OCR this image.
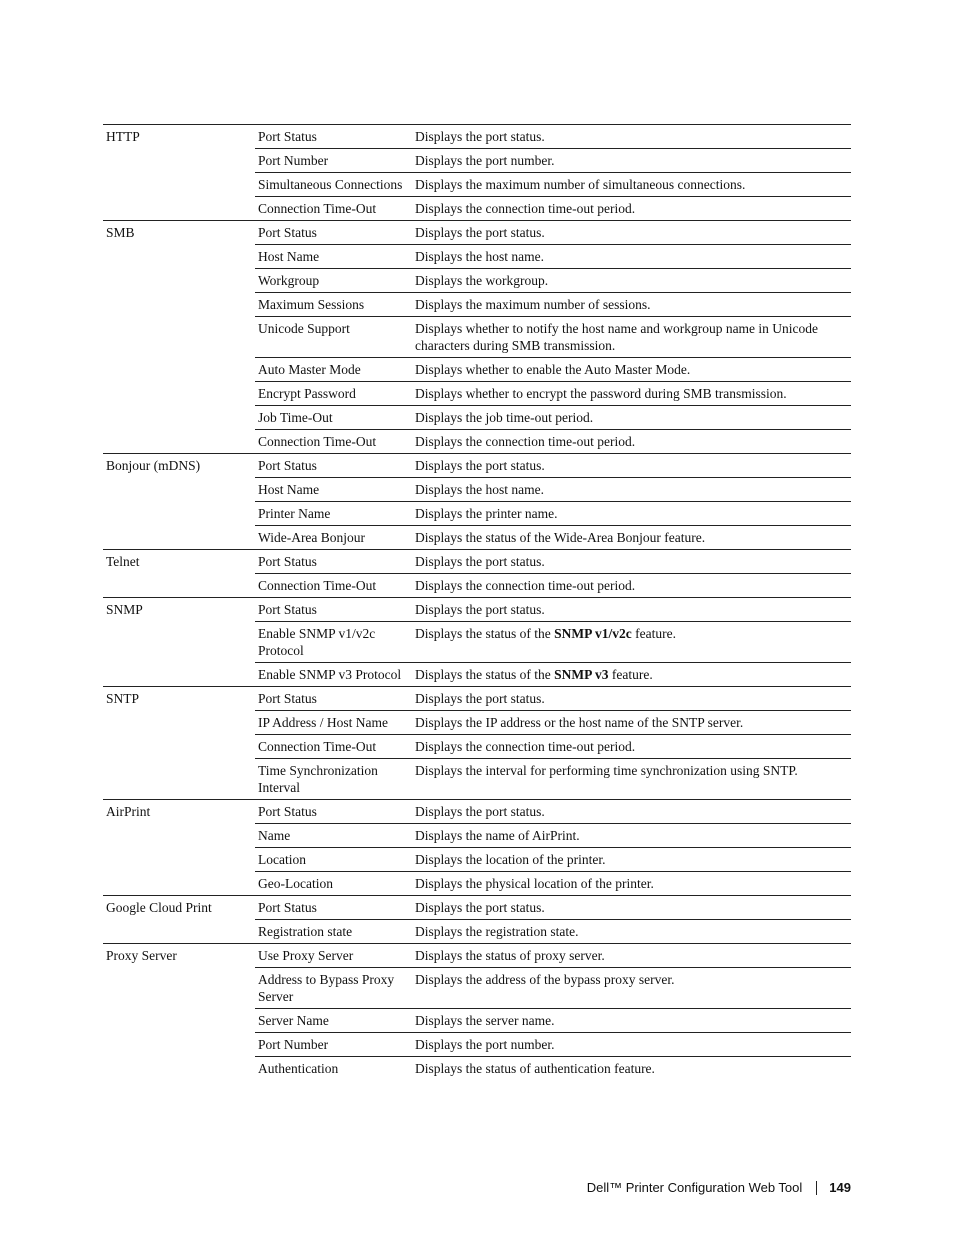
HTTP	Port Status	Displays the port status.
	Port Number	Displays the port number.
	Simultaneous Connections	Displays the maximum number of simultaneous connections.
	Connection Time-Out	Displays the connection time-out period.
SMB	Port Status	Displays the port status.
	Host Name	Displays the host name.
	Workgroup	Displays the workgroup.
	Maximum Sessions	Displays the maximum number of sessions.
	Unicode Support	Displays whether to notify the host name and workgroup name in Unicode characters during SMB transmission.
	Auto Master Mode	Displays whether to enable the Auto Master Mode.
	Encrypt Password	Displays whether to encrypt the password during SMB transmission.
	Job Time-Out	Displays the job time-out period.
	Connection Time-Out	Displays the connection time-out period.
Bonjour (mDNS)	Port Status	Displays the port status.
	Host Name	Displays the host name.
	Printer Name	Displays the printer name.
	Wide-Area Bonjour	Displays the status of the Wide-Area Bonjour feature.
Telnet	Port Status	Displays the port status.
	Connection Time-Out	Displays the connection time-out period.
SNMP	Port Status	Displays the port status.
	Enable SNMP v1/v2c Protocol	Displays the status of the SNMP v1/v2c feature.
	Enable SNMP v3 Protocol	Displays the status of the SNMP v3 feature.
SNTP	Port Status	Displays the port status.
	IP Address / Host Name	Displays the IP address or the host name of the SNTP server.
	Connection Time-Out	Displays the connection time-out period.
	Time Synchronization Interval	Displays the interval for performing time synchronization using SNTP.
AirPrint	Port Status	Displays the port status.
	Name	Displays the name of AirPrint.
	Location	Displays the location of the printer.
	Geo-Location	Displays the physical location of the printer.
Google Cloud Print	Port Status	Displays the port status.
	Registration state	Displays the registration state.
Proxy Server	Use Proxy Server	Displays the status of proxy server.
	Address to Bypass Proxy Server	Displays the address of the bypass proxy server.
	Server Name	Displays the server name.
	Port Number	Displays the port number.
	Authentication	Displays the status of authentication feature.
Dell™ Printer Configuration Web Tool 149
